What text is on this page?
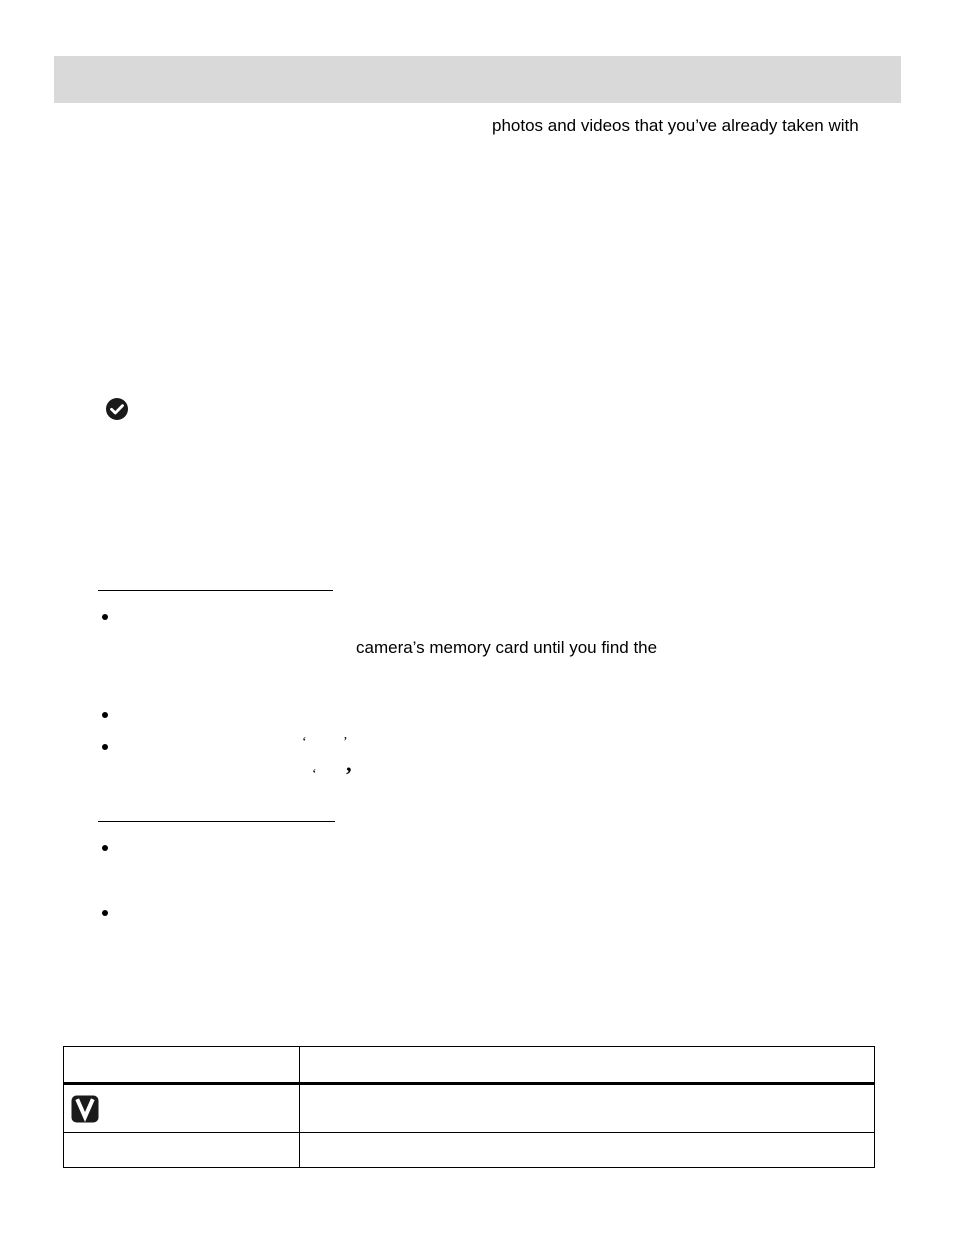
photos and videos that you’ve already taken with
camera’s memory card until you find the
‘	’
‘ ’
